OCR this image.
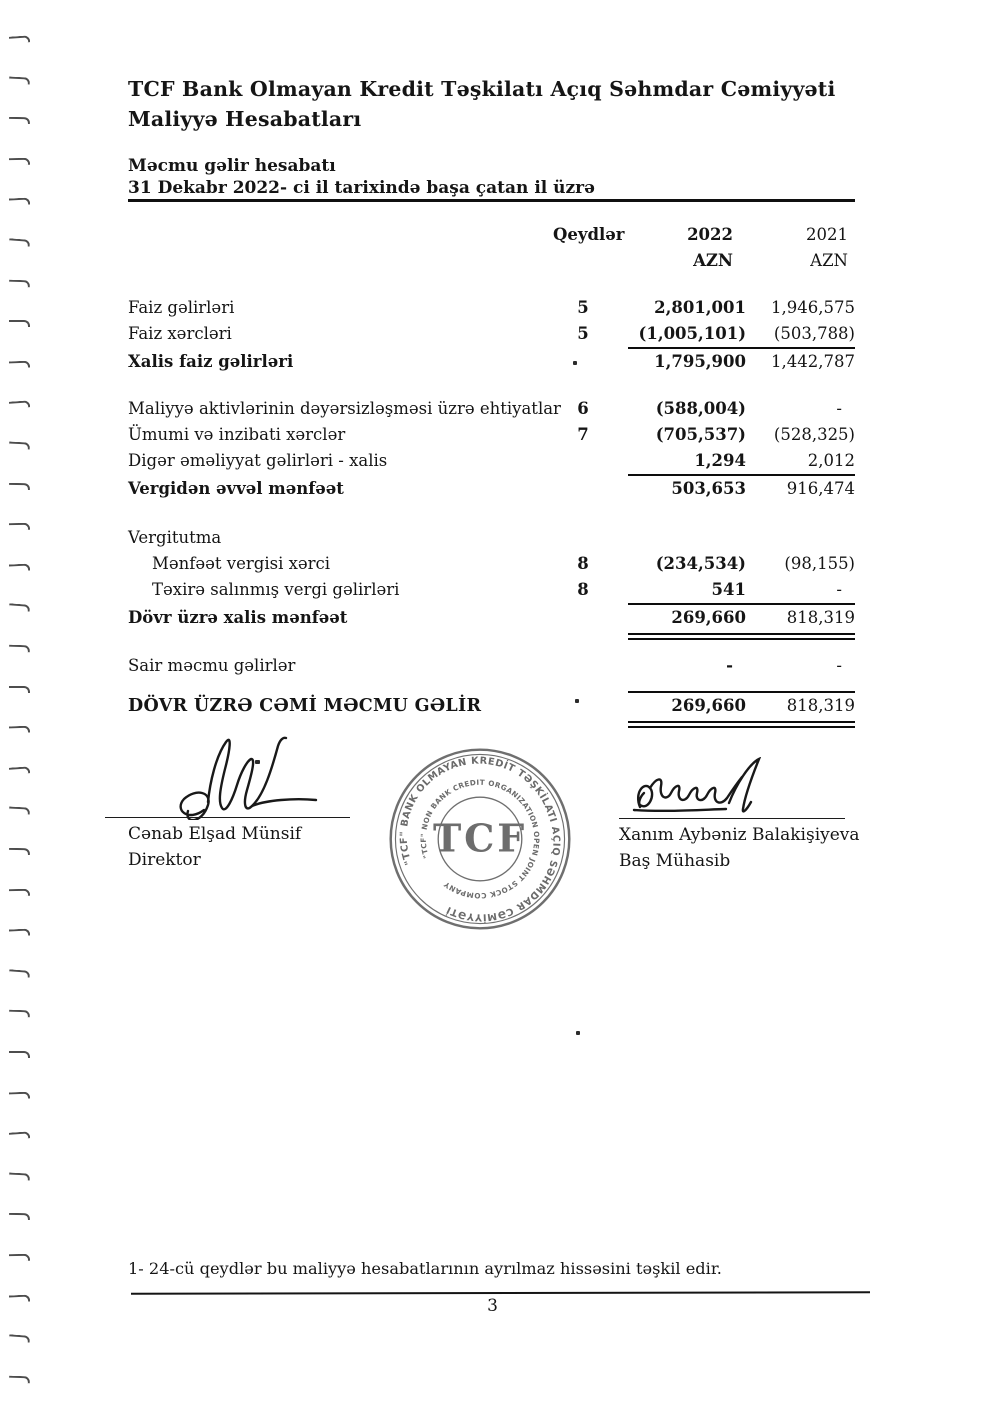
TCF Bank Olmayan Kredit Təşkilatı Açıq Səhmdar Cəmiyyəti
Maliyyə Hesabatları
Məcmu gəlir hesabatı
31 Dekabr 2022- ci il tarixində başa çatan il üzrə
Qeydlər	2022	2021
AZN	AZN
Faiz gəlirləri	5	2,801,001	1,946,575
Faiz xərcləri	5	(1,005,101)	(503,788)
Xalis faiz gəlirləri	1,795,900	1,442,787
Maliyyə aktivlərinin dəyərsizləşməsi üzrə ehtiyatlar 6	(588,004)	-
Ümumi və inzibati xərclər	7	(705,537)	(528,325)
Digər əməliyyat gəlirləri - xalis	1,294	2,012
Vergidən əvvəl mənfəət	503,653	916,474
Vergitutma
Mənfəət vergisi xərci	8	(234,534)	(98,155)
Təxirə salınmış vergi gəlirləri	8	541	-
Dövr üzrə xalis mənfəət	269,660	818,319
Sair məcmu gəlirlər	-	-
DÖVR ÜZRƏ CƏMİ MƏCMU GƏLİR	269,660	818,319
Cənab Elşad Münsif
Direktor	"TCF" BANK OLMAYAN KREDİT TƏŞKİLATI AÇIQ SƏHMDAR CƏMİYYƏTİ
"TCF" NON BANK CREDIT ORGANIZATION OPEN JOINT STOCK COMPANY
TCF	Xanım Aybəniz Balakişiyeva
Baş Mühasib
1- 24-cü qeydlər bu maliyyə hesabatlarının ayrılmaz hissəsini təşkil edir.
3
